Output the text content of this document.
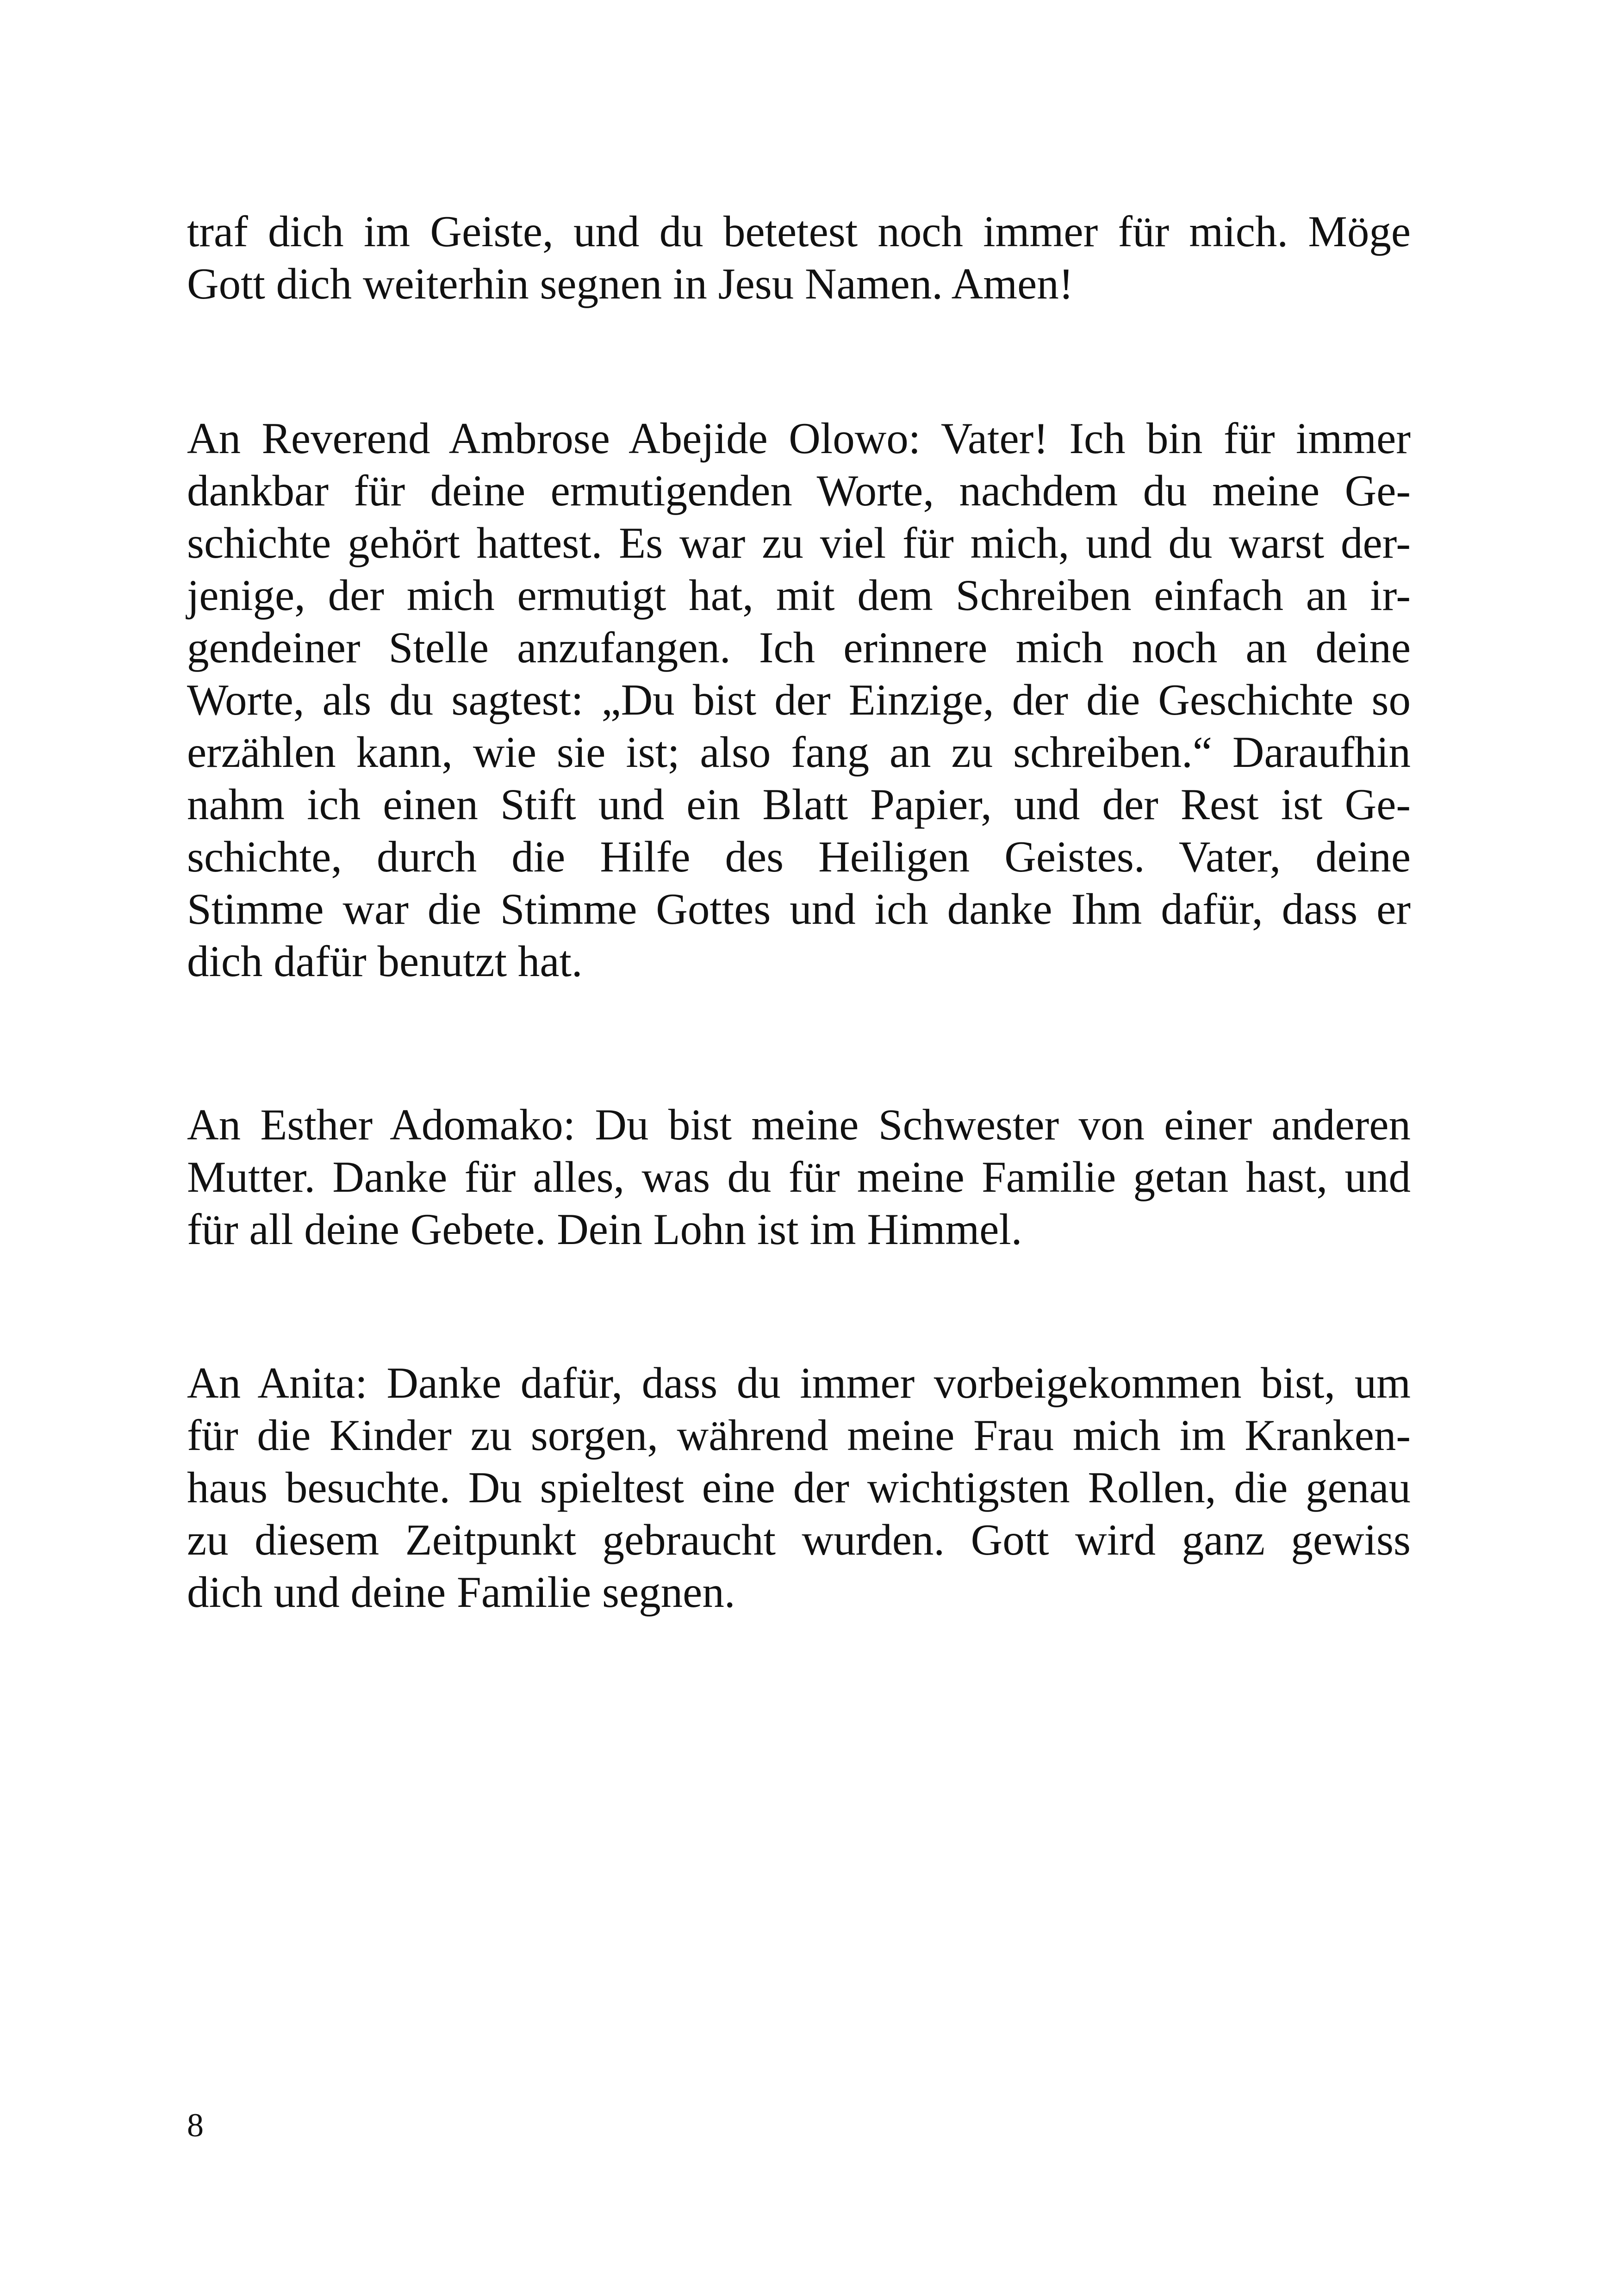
traf dich im Geiste, und du betetest noch immer für mich. Möge
Gott dich weiterhin segnen in Jesu Namen. Amen!
An Reverend Ambrose Abejide Olowo: Vater! Ich bin für immer
dankbar für deine ermutigenden Worte, nachdem du meine Ge-
schichte gehört hattest. Es war zu viel für mich, und du warst der-
jenige, der mich ermutigt hat, mit dem Schreiben einfach an ir-
gendeiner Stelle anzufangen. Ich erinnere mich noch an deine
Worte, als du sagtest: „Du bist der Einzige, der die Geschichte so
erzählen kann, wie sie ist; also fang an zu schreiben.“ Daraufhin
nahm ich einen Stift und ein Blatt Papier, und der Rest ist Ge-
schichte, durch die Hilfe des Heiligen Geistes. Vater, deine
Stimme war die Stimme Gottes und ich danke Ihm dafür, dass er
dich dafür benutzt hat.
An Esther Adomako: Du bist meine Schwester von einer anderen
Mutter. Danke für alles, was du für meine Familie getan hast, und
für all deine Gebete. Dein Lohn ist im Himmel.
An Anita: Danke dafür, dass du immer vorbeigekommen bist, um
für die Kinder zu sorgen, während meine Frau mich im Kranken-
haus besuchte. Du spieltest eine der wichtigsten Rollen, die genau
zu diesem Zeitpunkt gebraucht wurden. Gott wird ganz gewiss
dich und deine Familie segnen.
8
